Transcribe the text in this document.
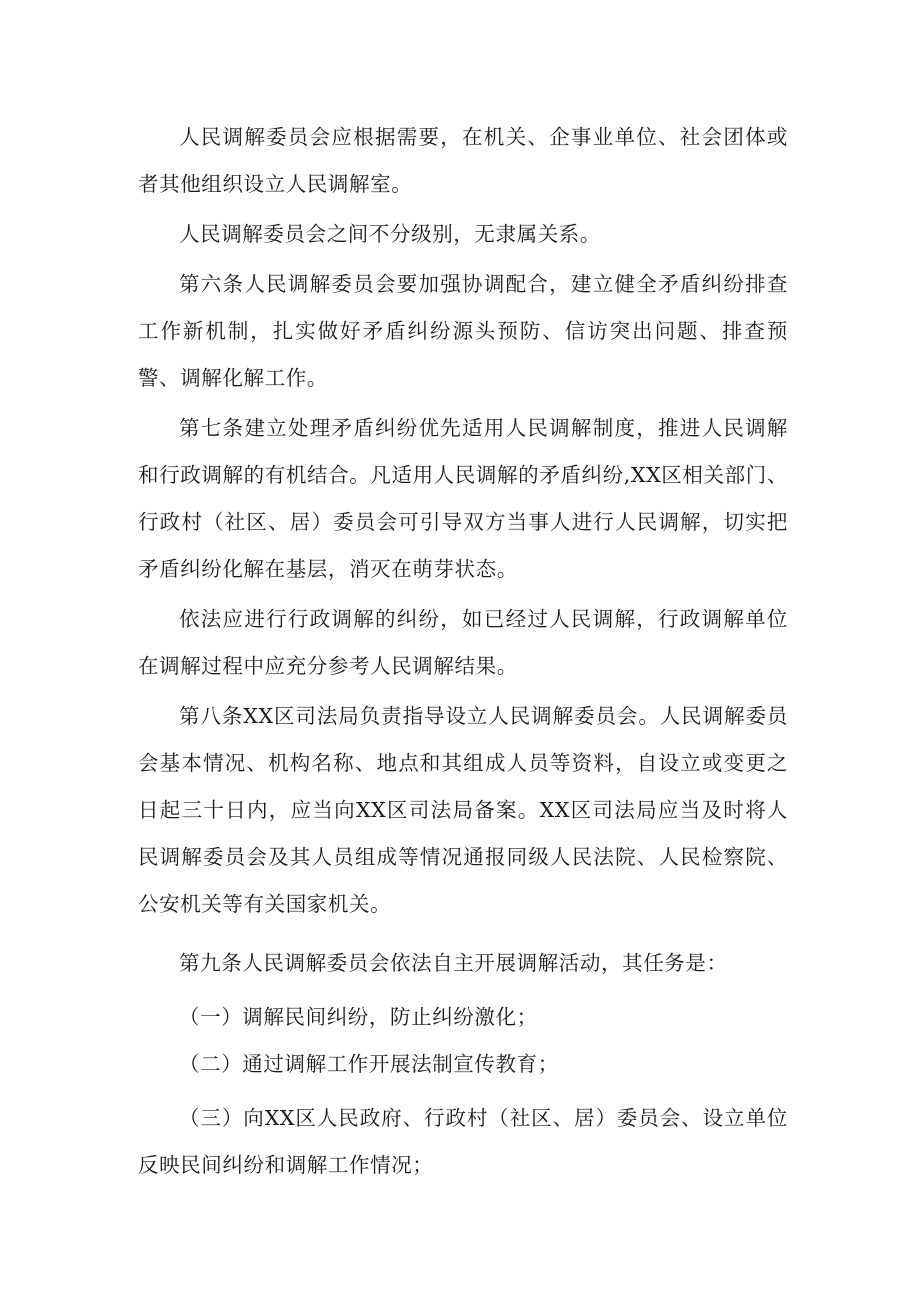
人民调解委员会应根据需要，在机关、企事业单位、社会团体或者其他组织设立人民调解室。

人民调解委员会之间不分级别，无隶属关系。

第六条人民调解委员会要加强协调配合，建立健全矛盾纠纷排查工作新机制，扎实做好矛盾纠纷源头预防、信访突出问题、排查预警、调解化解工作。

第七条建立处理矛盾纠纷优先适用人民调解制度，推进人民调解和行政调解的有机结合。凡适用人民调解的矛盾纠纷,XX区相关部门、行政村（社区、居）委员会可引导双方当事人进行人民调解，切实把矛盾纠纷化解在基层，消灭在萌芽状态。

依法应进行行政调解的纠纷，如已经过人民调解，行政调解单位在调解过程中应充分参考人民调解结果。

第八条XX区司法局负责指导设立人民调解委员会。人民调解委员会基本情况、机构名称、地点和其组成人员等资料，自设立或变更之日起三十日内，应当向XX区司法局备案。XX区司法局应当及时将人民调解委员会及其人员组成等情况通报同级人民法院、人民检察院、公安机关等有关国家机关。

第九条人民调解委员会依法自主开展调解活动，其任务是：

（一）调解民间纠纷，防止纠纷激化；

（二）通过调解工作开展法制宣传教育；

（三）向XX区人民政府、行政村（社区、居）委员会、设立单位反映民间纠纷和调解工作情况；
